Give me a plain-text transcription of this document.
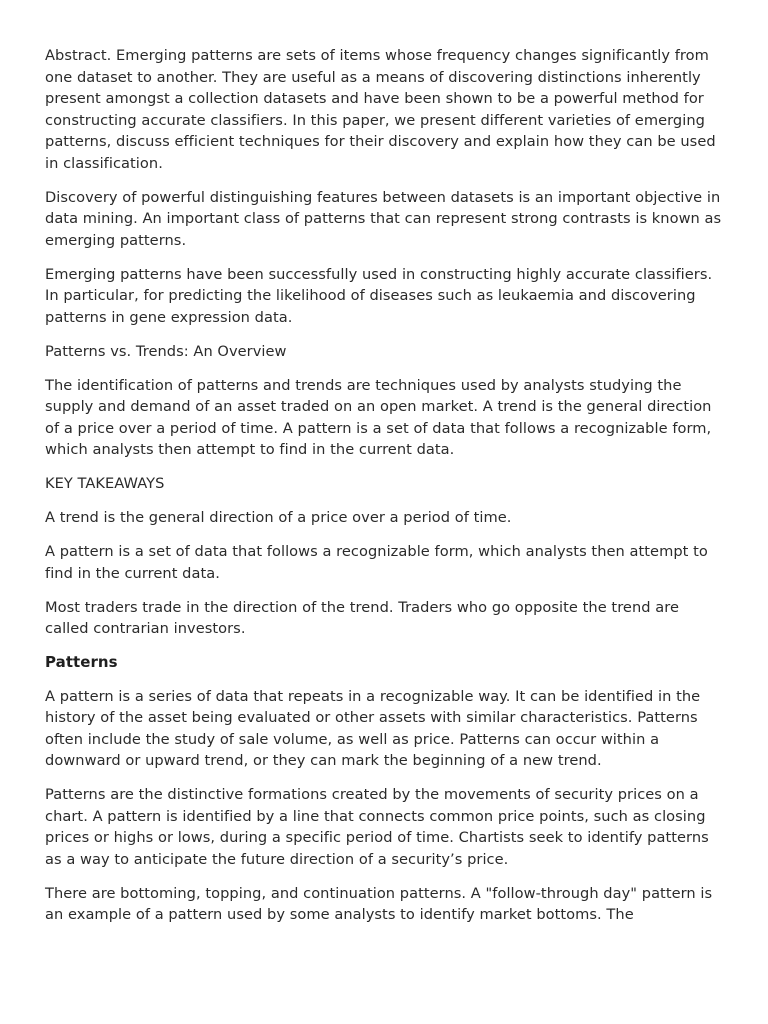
Abstract. Emerging patterns are sets of items whose frequency changes significantly from one dataset to another. They are useful as a means of discovering distinctions inherently present amongst a collection datasets and have been shown to be a powerful method for constructing accurate classifiers. In this paper, we present different varieties of emerging patterns, discuss efficient techniques for their discovery and explain how they can be used in classification.

Discovery of powerful distinguishing features between datasets is an important objective in data mining. An important class of patterns that can represent strong contrasts is known as emerging patterns.

Emerging patterns have been successfully used in constructing highly accurate classifiers. In particular, for predicting the likelihood of diseases such as leukaemia and discovering patterns in gene expression data.

Patterns vs. Trends: An Overview

The identification of patterns and trends are techniques used by analysts studying the supply and demand of an asset traded on an open market. A trend is the general direction of a price over a period of time. A pattern is a set of data that follows a recognizable form, which analysts then attempt to find in the current data.

KEY TAKEAWAYS

A trend is the general direction of a price over a period of time.

A pattern is a set of data that follows a recognizable form, which analysts then attempt to find in the current data.

Most traders trade in the direction of the trend. Traders who go opposite the trend are called contrarian investors.

Patterns

A pattern is a series of data that repeats in a recognizable way. It can be identified in the history of the asset being evaluated or other assets with similar characteristics. Patterns often include the study of sale volume, as well as price. Patterns can occur within a downward or upward trend, or they can mark the beginning of a new trend.

Patterns are the distinctive formations created by the movements of security prices on a chart. A pattern is identified by a line that connects common price points, such as closing prices or highs or lows, during a specific period of time. Chartists seek to identify patterns as a way to anticipate the future direction of a security’s price.

There are bottoming, topping, and continuation patterns. A "follow-through day" pattern is an example of a pattern used by some analysts to identify market bottoms. The
